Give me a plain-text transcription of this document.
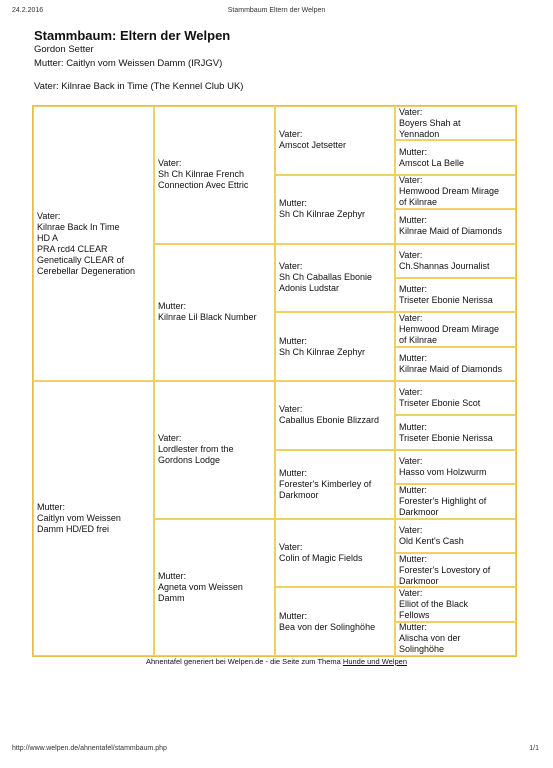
24.2.2016	Stammbaum Eltern der Welpen
Stammbaum: Eltern der Welpen
Gordon Setter
Mutter: Caitlyn vom Weissen Damm (IRJGV)
Vater: Kilnrae Back in Time (The Kennel Club UK)
Vater:
Kilnrae Back In Time
HD A
PRA rcd4 CLEAR
Genetically CLEAR of
Cerebellar Degeneration
Mutter:
Caitlyn vom Weissen
Damm HD/ED frei
Vater:
Sh Ch Kilnrae French
Connection Avec Ettric
Mutter:
Kilnrae Lil Black Number
Vater:
Lordlester from the
Gordons Lodge
Mutter:
Agneta vom Weissen
Damm
Vater:
Amscot Jetsetter
Mutter:
Sh Ch Kilnrae Zephyr
Vater:
Sh Ch Caballas Ebonie
Adonis Ludstar
Mutter:
Sh Ch Kilnrae Zephyr
Vater:
Caballus Ebonie Blizzard
Mutter:
Forester's Kimberley of
Darkmoor
Vater:
Colin of Magic Fields
Mutter:
Bea von der Solinghöhe
Vater:
Boyers Shah at
Yennadon
Mutter:
Amscot La Belle
Vater:
Hemwood Dream Mirage
of Kilnrae
Mutter:
Kilnrae Maid of Diamonds
Vater:
Ch.Shannas Journalist
Mutter:
Triseter Ebonie Nerissa
Vater:
Hemwood Dream Mirage
of Kilnrae
Mutter:
Kilnrae Maid of Diamonds
Vater:
Triseter Ebonie Scot
Mutter:
Triseter Ebonie Nerissa
Vater:
Hasso vom Holzwurm
Mutter:
Forester's Highlight of
Darkmoor
Vater:
Old Kent's Cash
Mutter:
Forester's Lovestory of
Darkmoor
Vater:
Elliot of the Black
Fellows
Mutter:
Alischa von der
Solinghöhe
Ahnentafel generiert bei Welpen.de - die Seite zum Thema Hunde und Welpen
http://www.welpen.de/ahnentafel/stammbaum.php	1/1
